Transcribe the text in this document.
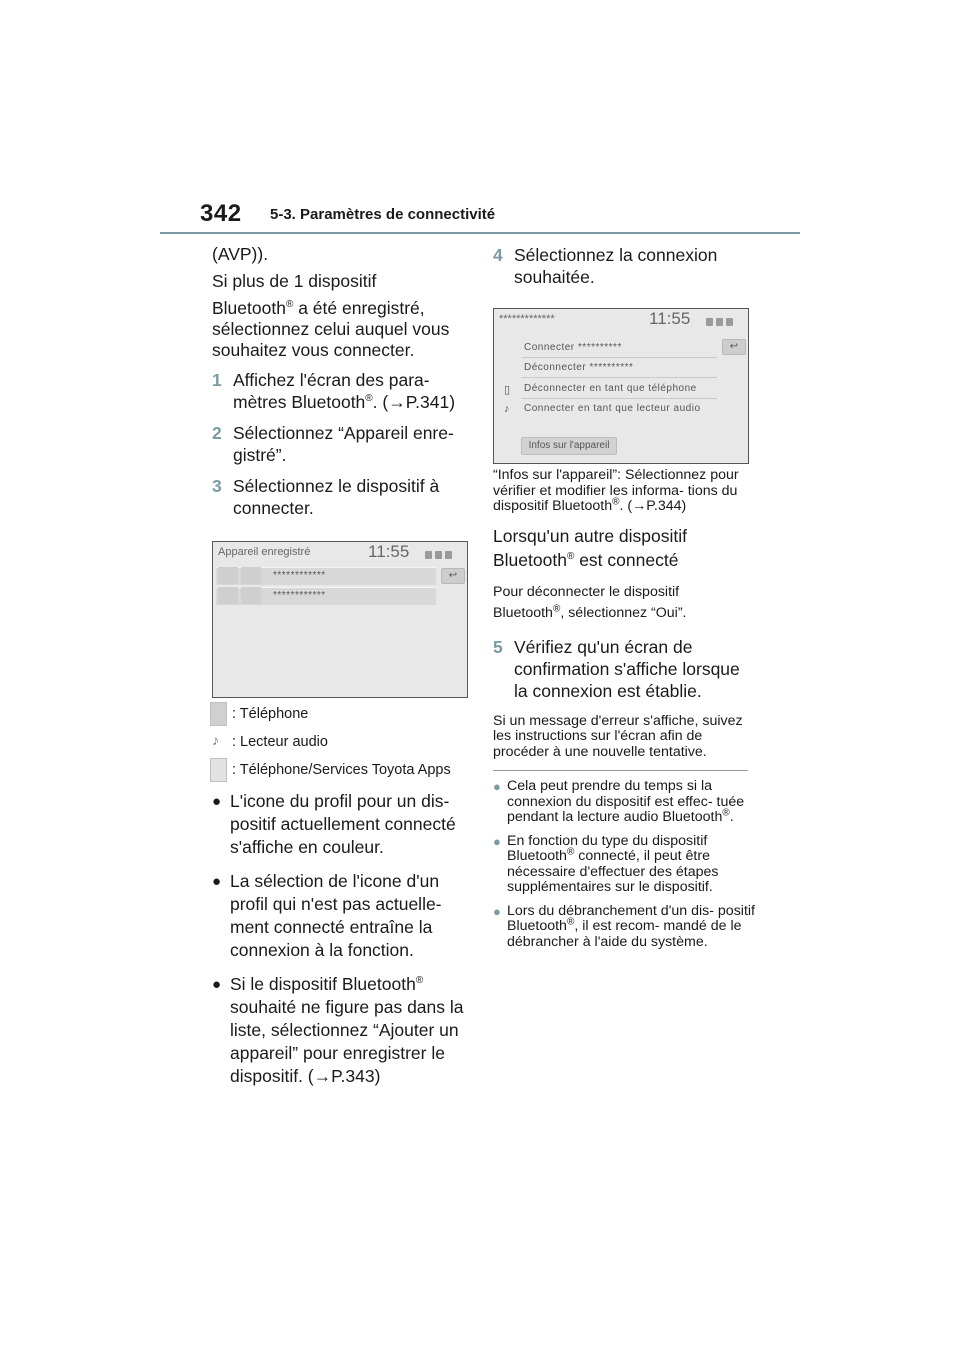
342 5-3. Paramètres de connectivité

(AVP)).

Si plus de 1 dispositif

Bluetooth® a été enregistré, sélectionnez celui auquel vous souhaitez vous connecter.

1 Affichez l'écran des para- mètres Bluetooth®. (→P.341)
2 Sélectionnez “Appareil enre- gistré”.
3 Sélectionnez le dispositif à connecter.
Appareil enregistré	11:55
↩
************
************
: Téléphone
♪ : Lecteur audio
: Téléphone/Services Toyota Apps
● L'icone du profil pour un dis- positif actuellement connecté s'affiche en couleur.
● La sélection de l'icone d'un profil qui n'est pas actuelle- ment connecté entraîne la connexion à la fonction.
● Si le dispositif Bluetooth® souhaité ne figure pas dans la liste, sélectionnez “Ajouter un appareil” pour enregistrer le dispositif. (→P.343)
4 Sélectionnez la connexion souhaitée.
*************	11:55
↩
Connecter **********
Déconnecter **********
▯ Déconnecter en tant que téléphone
♪ Connecter en tant que lecteur audio
Infos sur l'appareil

“Infos sur l'appareil”: Sélectionnez pour vérifier et modifier les informa- tions du dispositif Bluetooth®. (→P.344)

Lorsqu'un autre dispositif

Bluetooth® est connecté

Pour déconnecter le dispositif

Bluetooth®, sélectionnez “Oui”.

5 Vérifiez qu'un écran de confirmation s'affiche lorsque la connexion est établie.

Si un message d'erreur s'affiche, suivez les instructions sur l'écran afin de procéder à une nouvelle tentative.

● Cela peut prendre du temps si la connexion du dispositif est effec- tuée pendant la lecture audio Bluetooth®.
● En fonction du type du dispositif Bluetooth® connecté, il peut être nécessaire d'effectuer des étapes supplémentaires sur le dispositif.
● Lors du débranchement d'un dis- positif Bluetooth®, il est recom- mandé de le débrancher à l'aide du système.
